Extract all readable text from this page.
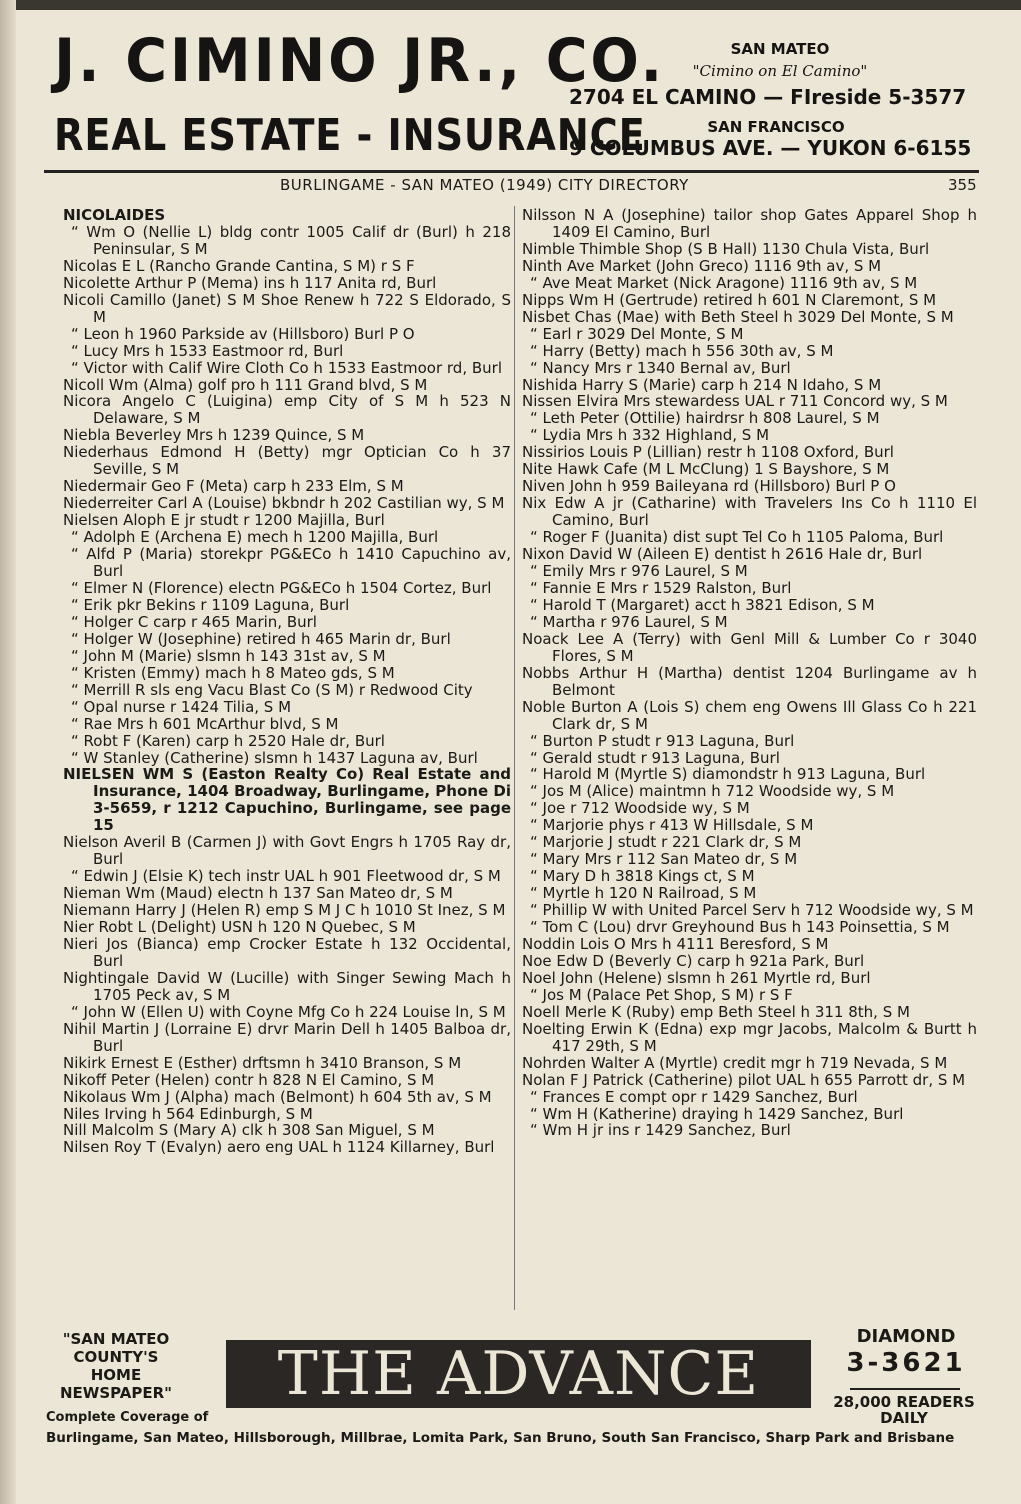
J. CIMINO JR., CO.
REAL ESTATE - INSURANCE
SAN MATEO
"Cimino on El Camino"
2704 EL CAMINO — FIreside 5-3577
SAN FRANCISCO
9 COLUMBUS AVE. — YUKON 6-6155
BURLINGAME - SAN MATEO (1949) CITY DIRECTORY	355
NICOLAIDES
“ Wm O (Nellie L) bldg contr 1005 Calif dr (Burl) h 218 Peninsular, S M
Nicolas E L (Rancho Grande Cantina, S M) r S F
Nicolette Arthur P (Mema) ins h 117 Anita rd, Burl
Nicoli Camillo (Janet) S M Shoe Renew h 722 S Eldorado, S M
“ Leon h 1960 Parkside av (Hillsboro) Burl P O
“ Lucy Mrs h 1533 Eastmoor rd, Burl
“ Victor with Calif Wire Cloth Co h 1533 Eastmoor rd, Burl
Nicoll Wm (Alma) golf pro h 111 Grand blvd, S M
Nicora Angelo C (Luigina) emp City of S M h 523 N Delaware, S M
Niebla Beverley Mrs h 1239 Quince, S M
Niederhaus Edmond H (Betty) mgr Optician Co h 37 Seville, S M
Niedermair Geo F (Meta) carp h 233 Elm, S M
Niederreiter Carl A (Louise) bkbndr h 202 Castilian wy, S M
Nielsen Aloph E jr studt r 1200 Majilla, Burl
“ Adolph E (Archena E) mech h 1200 Majilla, Burl
“ Alfd P (Maria) storekpr PG&ECo h 1410 Capuchino av, Burl
“ Elmer N (Florence) electn PG&ECo h 1504 Cortez, Burl
“ Erik pkr Bekins r 1109 Laguna, Burl
“ Holger C carp r 465 Marin, Burl
“ Holger W (Josephine) retired h 465 Marin dr, Burl
“ John M (Marie) slsmn h 143 31st av, S M
“ Kristen (Emmy) mach h 8 Mateo gds, S M
“ Merrill R sls eng Vacu Blast Co (S M) r Redwood City
“ Opal nurse r 1424 Tilia, S M
“ Rae Mrs h 601 McArthur blvd, S M
“ Robt F (Karen) carp h 2520 Hale dr, Burl
“ W Stanley (Catherine) slsmn h 1437 Laguna av, Burl
NIELSEN WM S (Easton Realty Co) Real Estate and Insurance, 1404 Broadway, Burlingame, Phone Di 3-5659, r 1212 Capuchino, Burlingame, see page 15
Nielson Averil B (Carmen J) with Govt Engrs h 1705 Ray dr, Burl
“ Edwin J (Elsie K) tech instr UAL h 901 Fleetwood dr, S M
Nieman Wm (Maud) electn h 137 San Mateo dr, S M
Niemann Harry J (Helen R) emp S M J C h 1010 St Inez, S M
Nier Robt L (Delight) USN h 120 N Quebec, S M
Nieri Jos (Bianca) emp Crocker Estate h 132 Occidental, Burl
Nightingale David W (Lucille) with Singer Sewing Mach h 1705 Peck av, S M
“ John W (Ellen U) with Coyne Mfg Co h 224 Louise ln, S M
Nihil Martin J (Lorraine E) drvr Marin Dell h 1405 Balboa dr, Burl
Nikirk Ernest E (Esther) drftsmn h 3410 Branson, S M
Nikoff Peter (Helen) contr h 828 N El Camino, S M
Nikolaus Wm J (Alpha) mach (Belmont) h 604 5th av, S M
Niles Irving h 564 Edinburgh, S M
Nill Malcolm S (Mary A) clk h 308 San Miguel, S M
Nilsen Roy T (Evalyn) aero eng UAL h 1124 Killarney, Burl
Nilsson N A (Josephine) tailor shop Gates Apparel Shop h 1409 El Camino, Burl
Nimble Thimble Shop (S B Hall) 1130 Chula Vista, Burl
Ninth Ave Market (John Greco) 1116 9th av, S M
“ Ave Meat Market (Nick Aragone) 1116 9th av, S M
Nipps Wm H (Gertrude) retired h 601 N Claremont, S M
Nisbet Chas (Mae) with Beth Steel h 3029 Del Monte, S M
“ Earl r 3029 Del Monte, S M
“ Harry (Betty) mach h 556 30th av, S M
“ Nancy Mrs r 1340 Bernal av, Burl
Nishida Harry S (Marie) carp h 214 N Idaho, S M
Nissen Elvira Mrs stewardess UAL r 711 Concord wy, S M
“ Leth Peter (Ottilie) hairdrsr h 808 Laurel, S M
“ Lydia Mrs h 332 Highland, S M
Nissirios Louis P (Lillian) restr h 1108 Oxford, Burl
Nite Hawk Cafe (M L McClung) 1 S Bayshore, S M
Niven John h 959 Baileyana rd (Hillsboro) Burl P O
Nix Edw A jr (Catharine) with Travelers Ins Co h 1110 El Camino, Burl
“ Roger F (Juanita) dist supt Tel Co h 1105 Paloma, Burl
Nixon David W (Aileen E) dentist h 2616 Hale dr, Burl
“ Emily Mrs r 976 Laurel, S M
“ Fannie E Mrs r 1529 Ralston, Burl
“ Harold T (Margaret) acct h 3821 Edison, S M
“ Martha r 976 Laurel, S M
Noack Lee A (Terry) with Genl Mill & Lumber Co r 3040 Flores, S M
Nobbs Arthur H (Martha) dentist 1204 Burlingame av h Belmont
Noble Burton A (Lois S) chem eng Owens Ill Glass Co h 221 Clark dr, S M
“ Burton P studt r 913 Laguna, Burl
“ Gerald studt r 913 Laguna, Burl
“ Harold M (Myrtle S) diamondstr h 913 Laguna, Burl
“ Jos M (Alice) maintmn h 712 Woodside wy, S M
“ Joe r 712 Woodside wy, S M
“ Marjorie phys r 413 W Hillsdale, S M
“ Marjorie J studt r 221 Clark dr, S M
“ Mary Mrs r 112 San Mateo dr, S M
“ Mary D h 3818 Kings ct, S M
“ Myrtle h 120 N Railroad, S M
“ Phillip W with United Parcel Serv h 712 Woodside wy, S M
“ Tom C (Lou) drvr Greyhound Bus h 143 Poinsettia, S M
Noddin Lois O Mrs h 4111 Beresford, S M
Noe Edw D (Beverly C) carp h 921a Park, Burl
Noel John (Helene) slsmn h 261 Myrtle rd, Burl
“ Jos M (Palace Pet Shop, S M) r S F
Noell Merle K (Ruby) emp Beth Steel h 311 8th, S M
Noelting Erwin K (Edna) exp mgr Jacobs, Malcolm & Burtt h 417 29th, S M
Nohrden Walter A (Myrtle) credit mgr h 719 Nevada, S M
Nolan F J Patrick (Catherine) pilot UAL h 655 Parrott dr, S M
“ Frances E compt opr r 1429 Sanchez, Burl
“ Wm H (Katherine) draying h 1429 Sanchez, Burl
“ Wm H jr ins r 1429 Sanchez, Burl
"SAN MATEO
COUNTY'S
HOME
NEWSPAPER"
Complete Coverage of
THE ADVANCE
DIAMOND
3-3621
28,000 READERS DAILY
Burlingame, San Mateo, Hillsborough, Millbrae, Lomita Park, San Bruno, South San Francisco, Sharp Park and Brisbane
